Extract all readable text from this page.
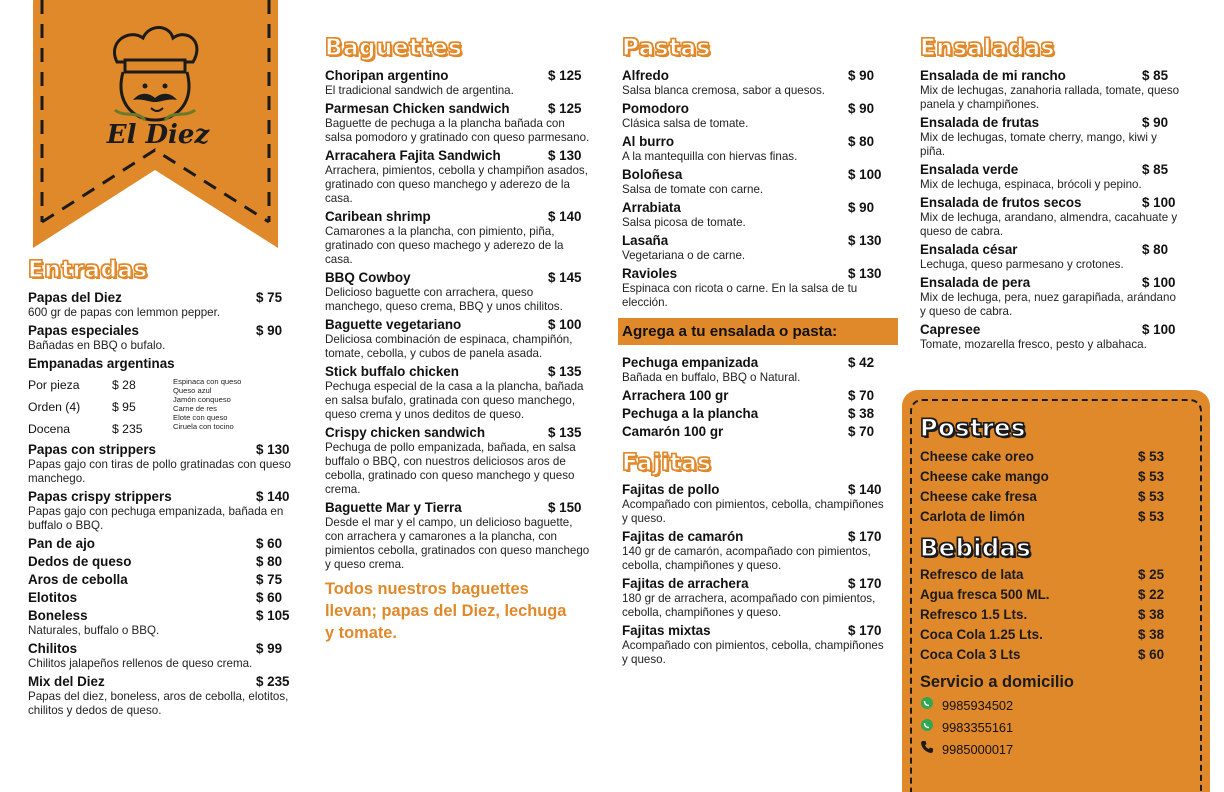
El Diez
Entradas
Papas del Diez	$ 75
600 gr de papas con lemmon pepper.
Papas especiales	$ 90
Bañadas en BBQ o bufalo.
Empanadas argentinas
Por pieza	$ 28
Orden (4)	$ 95
Docena	$ 235
Espinaca con queso
Queso azul
Jamón conqueso
Carne de res
Elote con queso
Ciruela con tocino
Papas con strippers	$ 130
Papas gajo con tiras de pollo gratinadas con queso manchego.
Papas crispy strippers	$ 140
Papas gajo con pechuga empanizada, bañada en buffalo o BBQ.
Pan de ajo	$ 60
Dedos de queso	$ 80
Aros de cebolla	$ 75
Elotitos	$ 60
Boneless	$ 105
Naturales, buffalo o BBQ.
Chilitos	$ 99
Chilitos jalapeños rellenos de queso crema.
Mix del Diez	$ 235
Papas del diez, boneless, aros de cebolla, elotitos, chilitos y dedos de queso.
Baguettes
Choripan argentino	$ 125
El tradicional sandwich de argentina.
Parmesan Chicken sandwich	$ 125
Baguette de pechuga a la plancha bañada con salsa pomodoro y gratinado con queso parmesano.
Arracahera Fajita Sandwich	$ 130
Arrachera, pimientos, cebolla y champiñon asados, gratinado con queso manchego y aderezo de la casa.
Caribean shrimp	$ 140
Camarones a la plancha, con pimiento, piña, gratinado con queso machego y aderezo de la casa.
BBQ Cowboy	$ 145
Delicioso baguette con arrachera, queso manchego, queso crema, BBQ y unos chilitos.
Baguette vegetariano	$ 100
Deliciosa combinación de espinaca, champiñón, tomate, cebolla, y cubos de panela asada.
Stick buffalo chicken	$ 135
Pechuga especial de la casa a la plancha, bañada en salsa bufalo, gratinada con queso manchego, queso crema y unos deditos de queso.
Crispy chicken sandwich	$ 135
Pechuga de pollo empanizada, bañada, en salsa buffalo o BBQ, con nuestros deliciosos aros de cebolla, gratinado con queso manchego y queso crema.
Baguette Mar y Tierra	$ 150
Desde el mar y el campo, un delicioso baguette, con arrachera y camarones a la plancha, con pimientos cebolla, gratinados con queso manchego y queso crema.
Todos nuestros baguettes llevan; papas del Diez, lechuga y tomate.
Pastas
Alfredo	$ 90
Salsa blanca cremosa, sabor a quesos.
Pomodoro	$ 90
Clásica salsa de tomate.
Al burro	$ 80
A la mantequilla con hiervas finas.
Boloñesa	$ 100
Salsa de tomate con carne.
Arrabiata	$ 90
Salsa picosa de tomate.
Lasaña	$ 130
Vegetariana o de carne.
Ravioles	$ 130
Espinaca con ricota o carne. En la salsa de tu elección.
Agrega a tu ensalada o pasta:
Pechuga empanizada	$ 42
Bañada en buffalo, BBQ o Natural.
Arrachera 100 gr	$ 70
Pechuga a la plancha	$ 38
Camarón 100 gr	$ 70
Fajitas
Fajitas de pollo	$ 140
Acompañado con pimientos, cebolla, champiñones y queso.
Fajitas de camarón	$ 170
140 gr de camarón, acompañado con pimientos, cebolla, champiñones y queso.
Fajitas de arrachera	$ 170
180 gr de arrachera, acompañado con pimientos, cebolla, champiñones y queso.
Fajitas mixtas	$ 170
Acompañado con pimientos, cebolla, champiñones y queso.
Ensaladas
Ensalada de mi rancho	$ 85
Mix de lechugas, zanahoria rallada, tomate, queso panela y champiñones.
Ensalada de frutas	$ 90
Mix de lechugas, tomate cherry, mango, kiwi y piña.
Ensalada verde	$ 85
Mix de lechuga, espinaca, brócoli y pepino.
Ensalada de frutos secos	$ 100
Mix de lechuga, arandano, almendra, cacahuate y queso de cabra.
Ensalada césar	$ 80
Lechuga, queso parmesano y crotones.
Ensalada de pera	$ 100
Mix de lechuga, pera, nuez garapiñada, arándano y queso de cabra.
Capresee	$ 100
Tomate, mozarella fresco, pesto y albahaca.
Postres
Cheese cake oreo	$ 53
Cheese cake mango	$ 53
Cheese cake fresa	$ 53
Carlota de limón	$ 53
Bebidas
Refresco de lata	$ 25
Agua fresca 500 ML.	$ 22
Refresco 1.5 Lts.	$ 38
Coca Cola 1.25 Lts.	$ 38
Coca Cola 3 Lts	$ 60
Servicio a domicilio
9985934502
9983355161
9985000017
